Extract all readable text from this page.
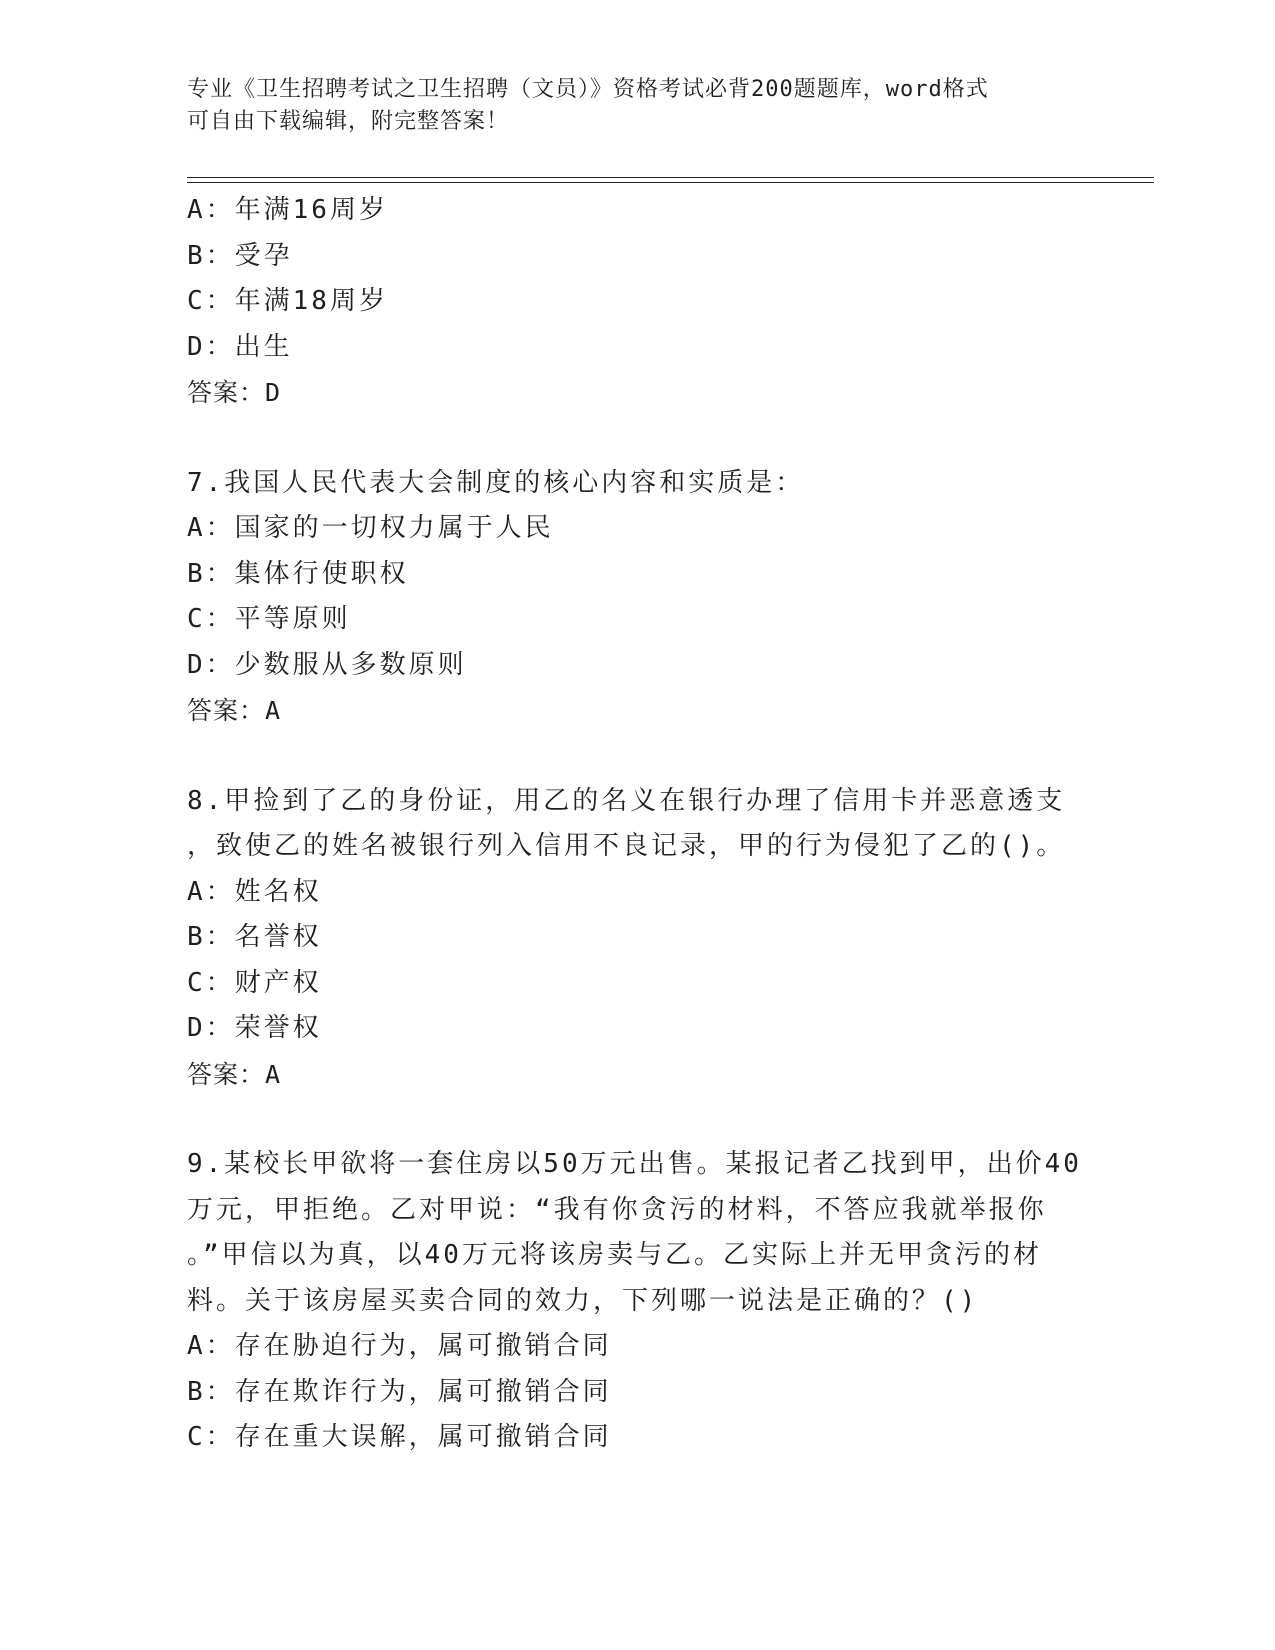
专业《卫生招聘考试之卫生招聘（文员）》资格考试必背200题题库，word格式
可自由下载编辑，附完整答案！
A：年满16周岁
B：受孕
C：年满18周岁
D：出生
答案：D
7.我国人民代表大会制度的核心内容和实质是：
A：国家的一切权力属于人民
B：集体行使职权
C：平等原则
D：少数服从多数原则
答案：A
8.甲捡到了乙的身份证，用乙的名义在银行办理了信用卡并恶意透支
，致使乙的姓名被银行列入信用不良记录，甲的行为侵犯了乙的()。
A：姓名权
B：名誉权
C：财产权
D：荣誉权
答案：A
9.某校长甲欲将一套住房以50万元出售。某报记者乙找到甲，出价40
万元，甲拒绝。乙对甲说：“我有你贪污的材料，不答应我就举报你
。”甲信以为真，以40万元将该房卖与乙。乙实际上并无甲贪污的材
料。关于该房屋买卖合同的效力，下列哪一说法是正确的？()
A：存在胁迫行为，属可撤销合同
B：存在欺诈行为，属可撤销合同
C：存在重大误解，属可撤销合同
